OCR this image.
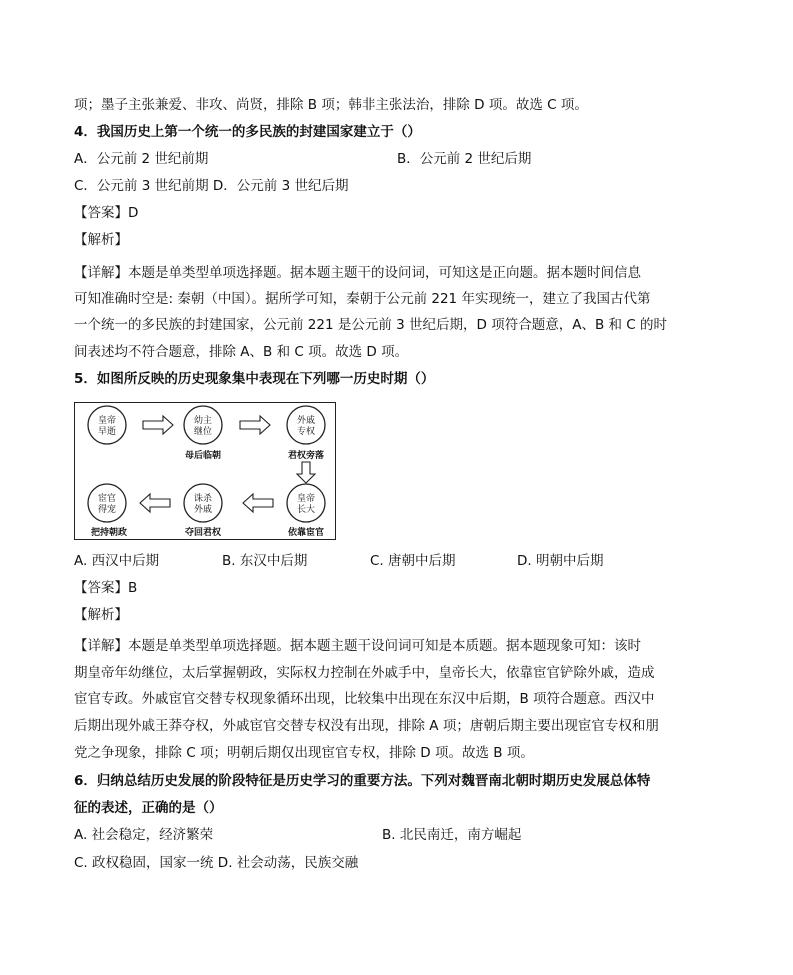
项；墨子主张兼爱、非攻、尚贤，排除 B 项；韩非主张法治，排除 D 项。故选 C 项。
4．我国历史上第一个统一的多民族的封建国家建立于（）
A．公元前 2 世纪前期	B．公元前 2 世纪后期
C．公元前 3 世纪前期 D．公元前 3 世纪后期
【答案】D
【解析】
【详解】本题是单类型单项选择题。据本题主题干的设问词，可知这是正向题。据本题时间信息
可知准确时空是: 秦朝（中国）。据所学可知，秦朝于公元前 221 年实现统一，建立了我国古代第
一个统一的多民族的封建国家，公元前 221 是公元前 3 世纪后期，D 项符合题意，A、B 和 C 的时
间表述均不符合题意，排除 A、B 和 C 项。故选 D 项。
5．如图所反映的历史现象集中表现在下列哪一历史时期（）
皇帝
早逝
幼主
继位
外戚
专权
母后临朝	君权旁落
皇帝
长大
诛杀
外戚
宦官
得宠
依靠宦官
夺回君权
把持朝政
A. 西汉中后期	B. 东汉中后期	C. 唐朝中后期	D. 明朝中后期
【答案】B
【解析】
【详解】本题是单类型单项选择题。据本题主题干设问词可知是本质题。据本题现象可知：该时
期皇帝年幼继位，太后掌握朝政，实际权力控制在外戚手中，皇帝长大，依靠宦官铲除外戚，造成
宦官专政。外戚宦官交替专权现象循环出现，比较集中出现在东汉中后期，B 项符合题意。西汉中
后期出现外戚王莽夺权，外戚宦官交替专权没有出现，排除 A 项；唐朝后期主要出现宦官专权和朋
党之争现象，排除 C 项；明朝后期仅出现宦官专权，排除 D 项。故选 B 项。
6．归纳总结历史发展的阶段特征是历史学习的重要方法。下列对魏晋南北朝时期历史发展总体特
征的表述，正确的是（）
A. 社会稳定，经济繁荣	B. 北民南迁，南方崛起
C. 政权稳固，国家一统 D. 社会动荡，民族交融
